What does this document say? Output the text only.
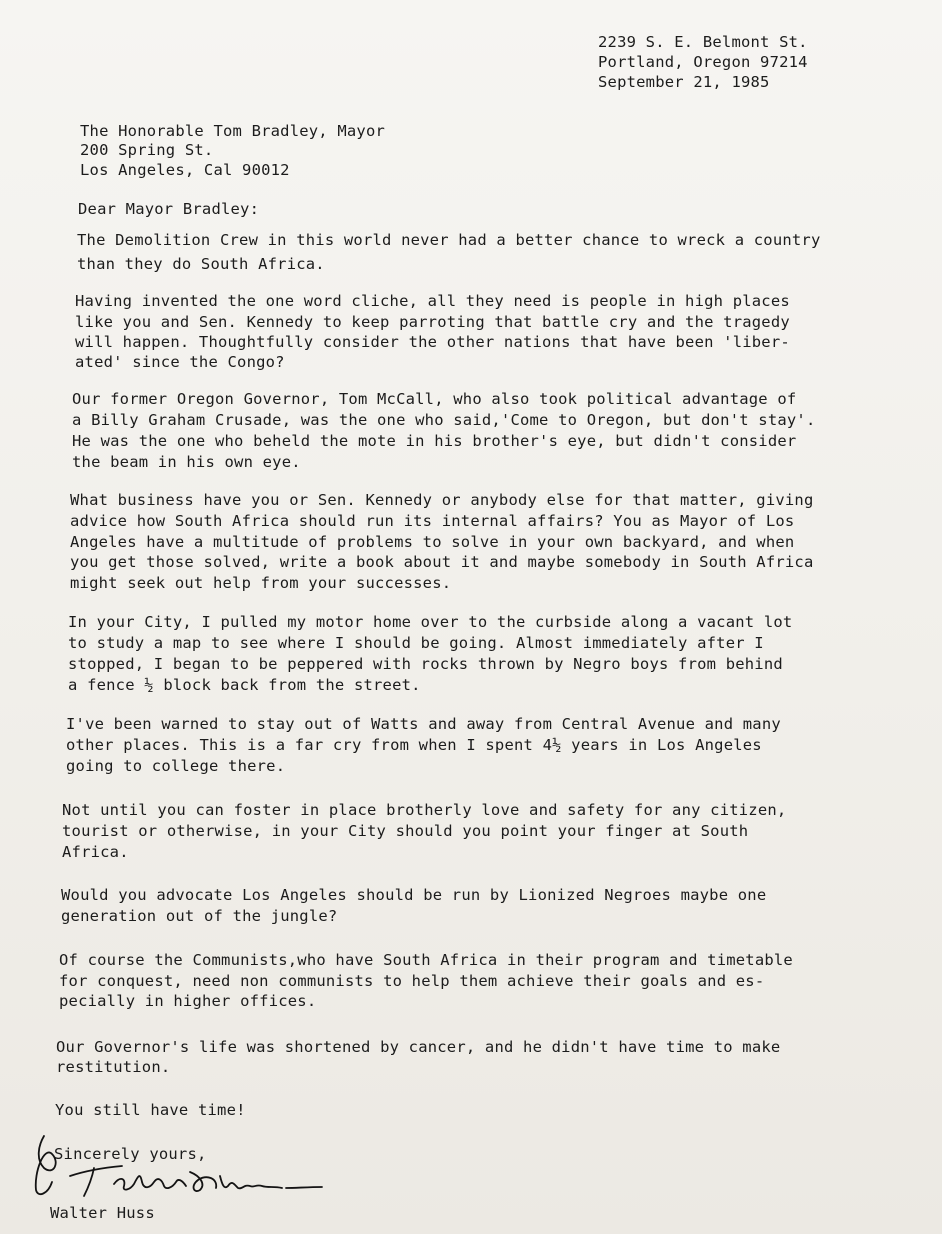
2239 S. E. Belmont St.
Portland, Oregon 97214
September 21, 1985
The Honorable Tom Bradley, Mayor
200 Spring St.
Los Angeles, Cal 90012
Dear Mayor Bradley:
The Demolition Crew in this world never had a better chance to wreck a country
than they do South Africa.
Having invented the one word cliche, all they need is people in high places
like you and Sen. Kennedy to keep parroting that battle cry and the tragedy
will happen. Thoughtfully consider the other nations that have been 'liber-
ated' since the Congo?
Our former Oregon Governor, Tom McCall, who also took political advantage of
a Billy Graham Crusade, was the one who said,'Come to Oregon, but don't stay'.
He was the one who beheld the mote in his brother's eye, but didn't consider
the beam in his own eye.
What business have you or Sen. Kennedy or anybody else for that matter, giving
advice how South Africa should run its internal affairs? You as Mayor of Los
Angeles have a multitude of problems to solve in your own backyard, and when
you get those solved, write a book about it and maybe somebody in South Africa
might seek out help from your successes.
In your City, I pulled my motor home over to the curbside along a vacant lot
to study a map to see where I should be going. Almost immediately after I
stopped, I began to be peppered with rocks thrown by Negro boys from behind
a fence ½ block back from the street.
I've been warned to stay out of Watts and away from Central Avenue and many
other places. This is a far cry from when I spent 4½ years in Los Angeles
going to college there.
Not until you can foster in place brotherly love and safety for any citizen,
tourist or otherwise, in your City should you point your finger at South
Africa.
Would you advocate Los Angeles should be run by Lionized Negroes maybe one
generation out of the jungle?
Of course the Communists,who have South Africa in their program and timetable
for conquest, need non communists to help them achieve their goals and es-
pecially in higher offices.
Our Governor's life was shortened by cancer, and he didn't have time to make
restitution.
You still have time!
Sincerely yours,
Walter Huss
